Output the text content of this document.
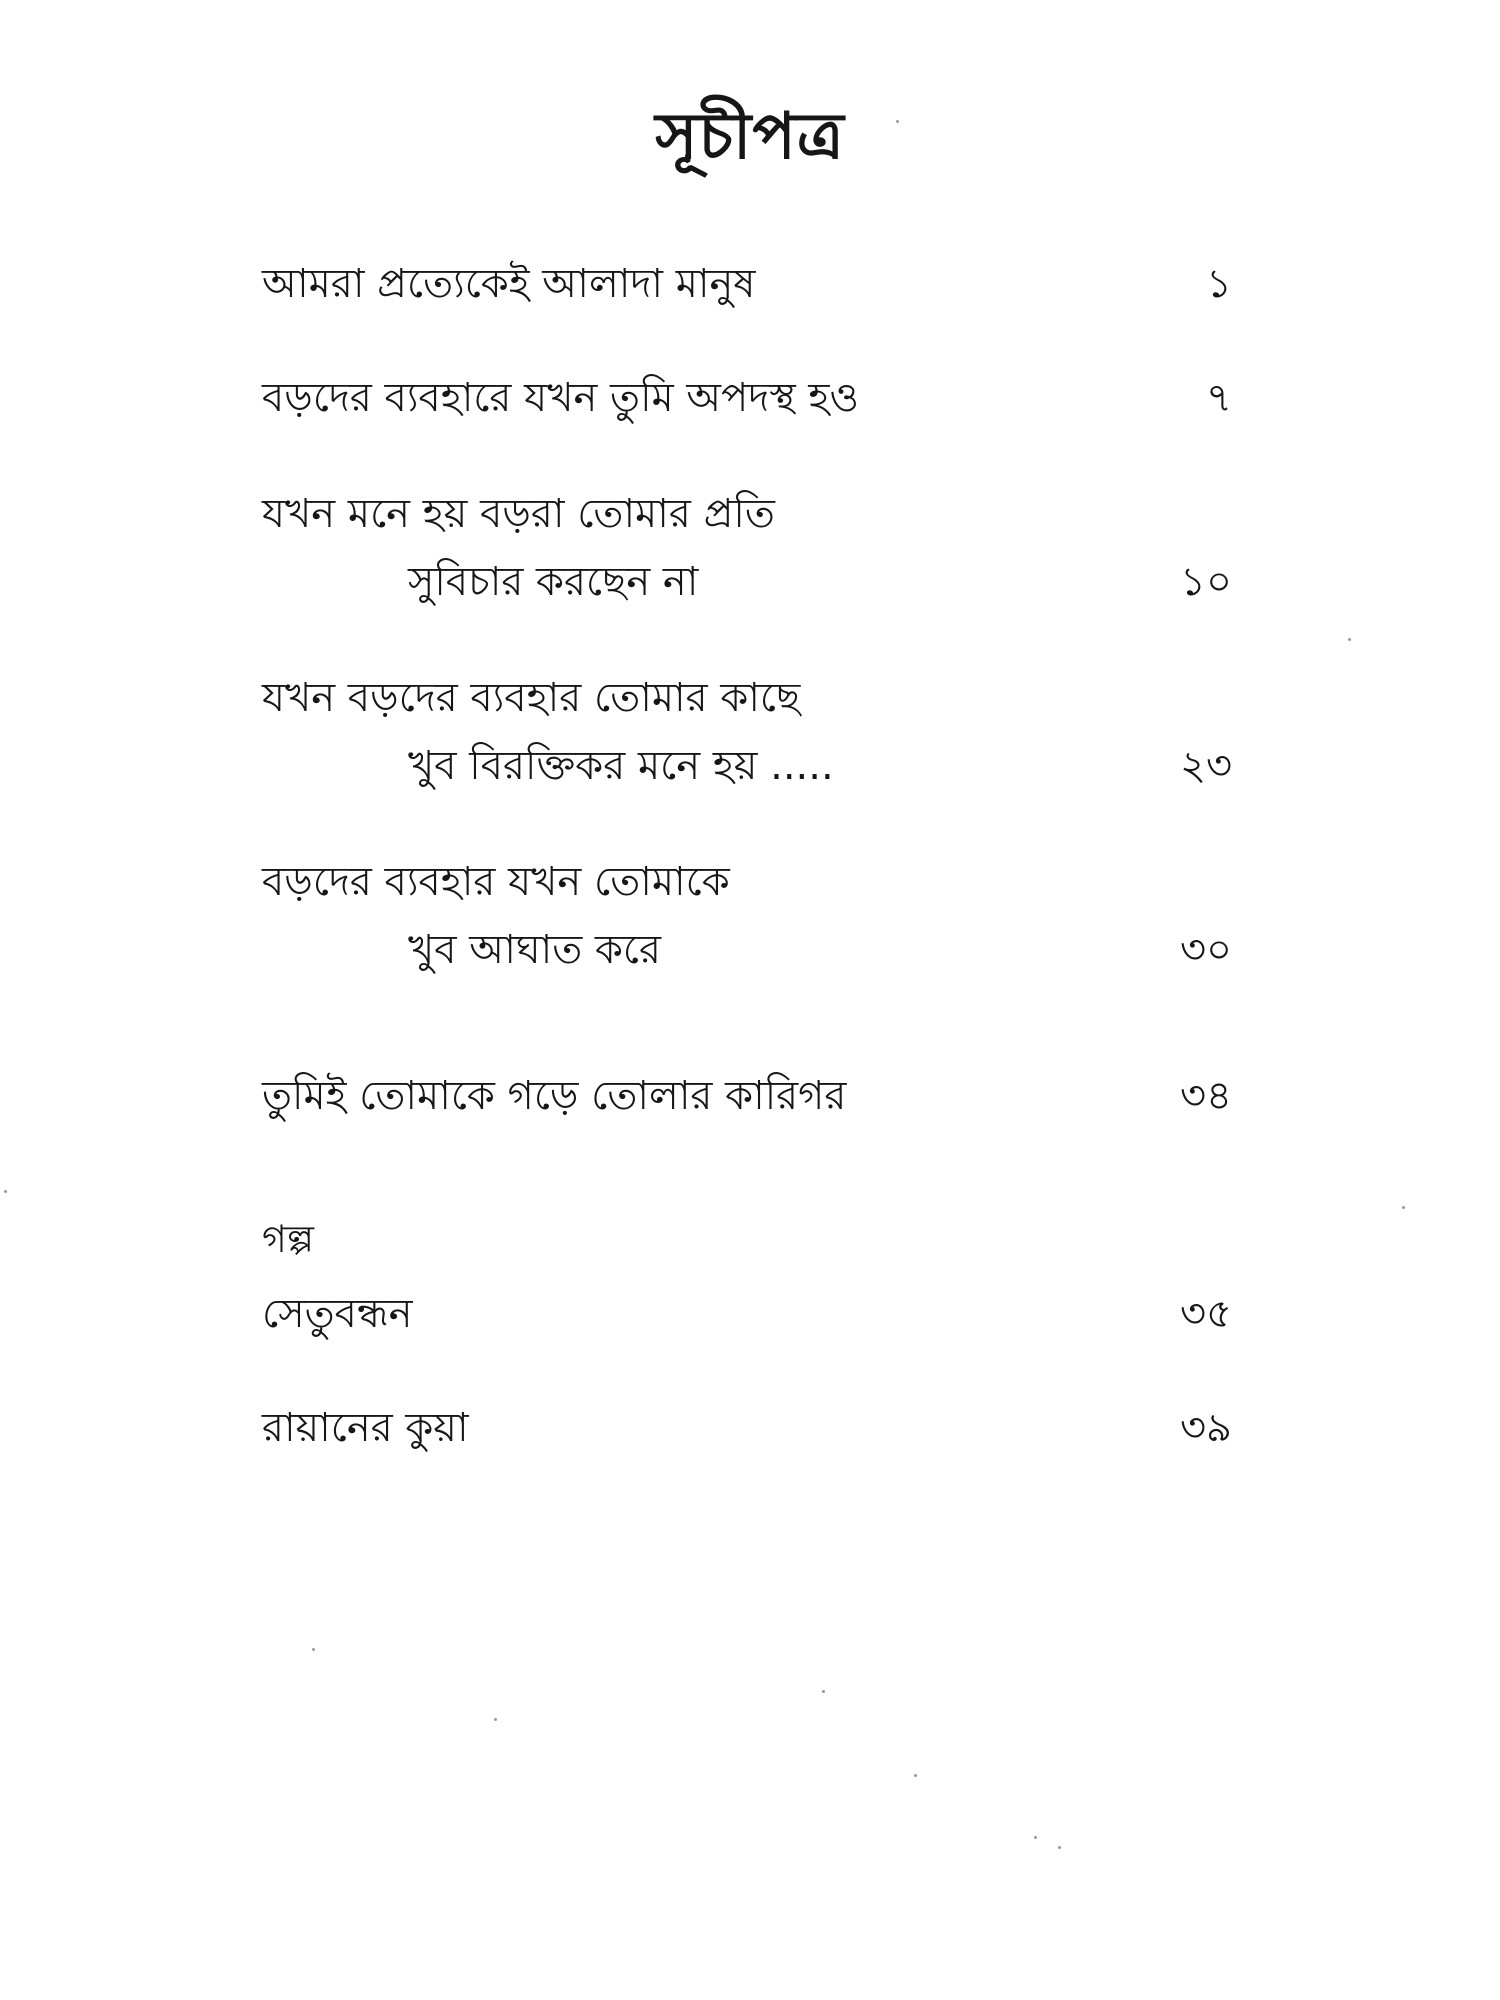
সূচীপত্র
আমরা প্রত্যেকেই আলাদা মানুষ	১
বড়দের ব্যবহারে যখন তুমি অপদস্থ হও	৭
যখন মনে হয় বড়রা তোমার প্রতি
সুবিচার করছেন না	১০
যখন বড়দের ব্যবহার তোমার কাছে
খুব বিরক্তিকর মনে হয় .....	২৩
বড়দের ব্যবহার যখন তোমাকে
খুব আঘাত করে	৩০
তুমিই তোমাকে গড়ে তোলার কারিগর	৩৪
গল্প
সেতুবন্ধন	৩৫
রায়ানের কুয়া	৩৯
